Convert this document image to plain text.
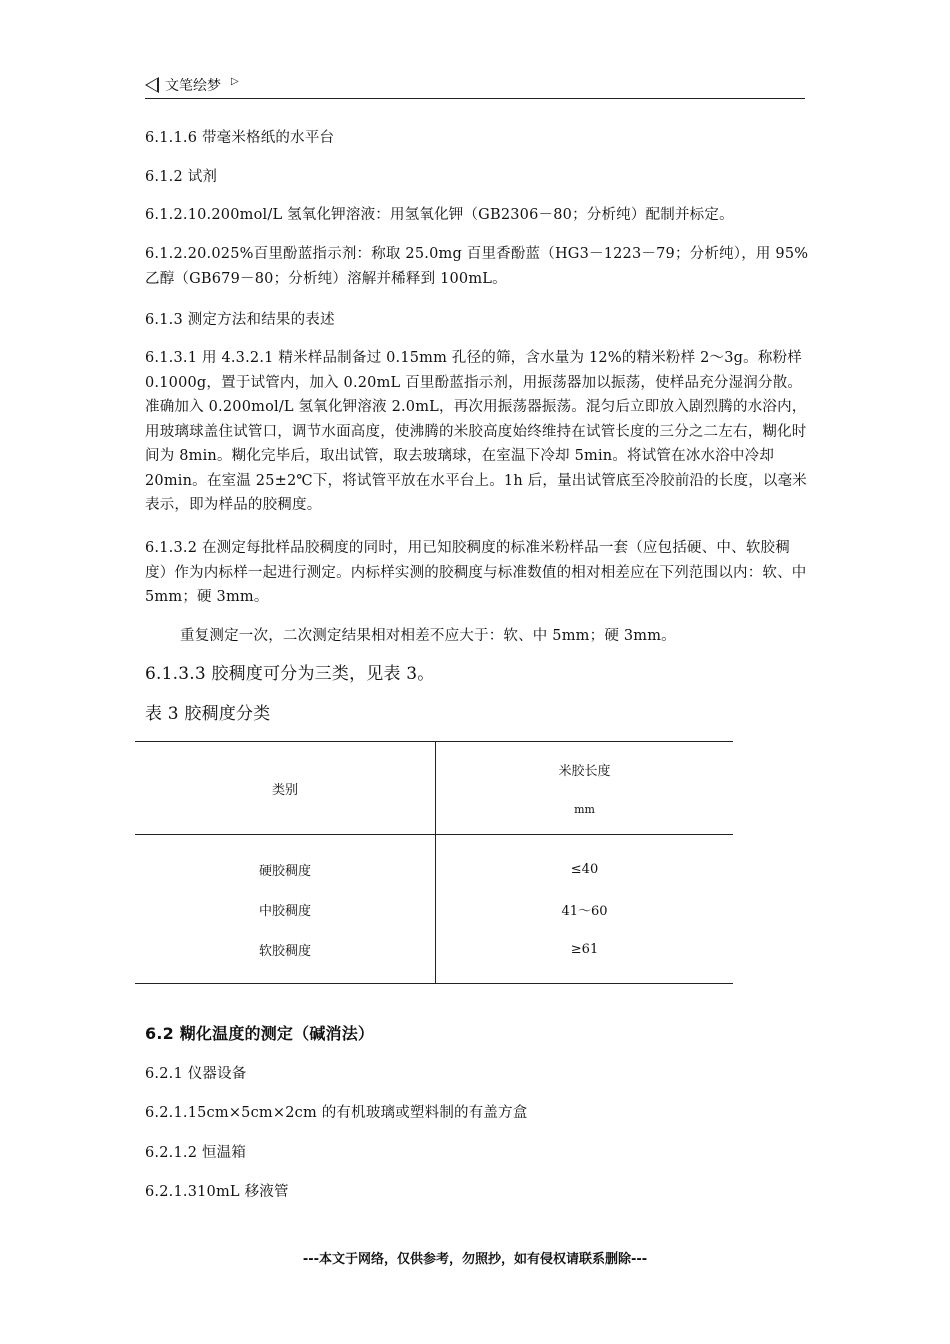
文笔绘梦 ▷

6.1.1.6 带毫米格纸的水平台

6.1.2 试剂

6.1.2.10.200mol/L 氢氧化钾溶液：用氢氧化钾（GB2306－80；分析纯）配制并标定。

6.1.2.20.025%百里酚蓝指示剂：称取 25.0mg 百里香酚蓝（HG3－1223－79；分析纯），用 95%乙醇（GB679－80；分析纯）溶解并稀释到 100mL。

6.1.3 测定方法和结果的表述

6.1.3.1 用 4.3.2.1 精米样品制备过 0.15mm 孔径的筛，含水量为 12%的精米粉样 2～3g。称粉样 0.1000g，置于试管内，加入 0.20mL 百里酚蓝指示剂，用振荡器加以振荡，使样品充分湿润分散。准确加入 0.200mol/L 氢氧化钾溶液 2.0mL，再次用振荡器振荡。混匀后立即放入剧烈腾的水浴内，用玻璃球盖住试管口，调节水面高度，使沸腾的米胶高度始终维持在试管长度的三分之二左右，糊化时间为 8min。糊化完毕后，取出试管，取去玻璃球，在室温下冷却 5min。将试管在冰水浴中冷却 20min。在室温 25±2℃下，将试管平放在水平台上。1h 后，量出试管底至冷胶前沿的长度，以毫米表示，即为样品的胶稠度。

6.1.3.2 在测定每批样品胶稠度的同时，用已知胶稠度的标准米粉样品一套（应包括硬、中、软胶稠度）作为内标样一起进行测定。内标样实测的胶稠度与标准数值的相对相差应在下列范围以内：软、中 5mm；硬 3mm。

重复测定一次，二次测定结果相对相差不应大于：软、中 5mm；硬 3mm。

6.1.3.3 胶稠度可分为三类，见表 3。

表 3 胶稠度分类

类别	米胶长度
mm

硬胶稠度	≤40
中胶稠度	41～60
软胶稠度	≥61

6.2 糊化温度的测定（碱消法）

6.2.1 仪器设备

6.2.1.15cm×5cm×2cm 的有机玻璃或塑料制的有盖方盒

6.2.1.2 恒温箱

6.2.1.310mL 移液管

---本文于网络，仅供参考，勿照抄，如有侵权请联系删除---
